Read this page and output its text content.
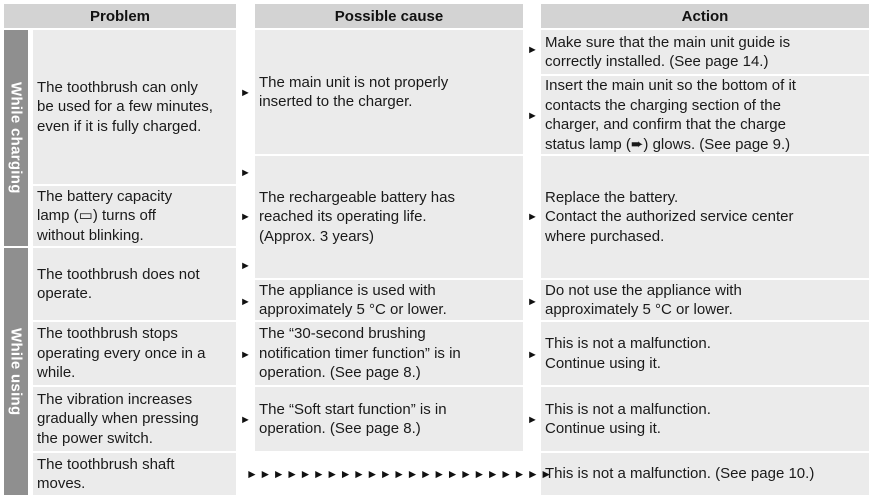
Problem	Possible cause	Action
While charging
While using
The toothbrush can only
be used for a few minutes,
even if it is fully charged.
The battery capacity
lamp (▭) turns off
without blinking.
The toothbrush does not
operate.
The toothbrush stops
operating every once in a
while.
The vibration increases
gradually when pressing
the power switch.
The toothbrush shaft
moves.
The main unit is not properly
inserted to the charger.
The rechargeable battery has
reached its operating life.
(Approx. 3 years)
The appliance is used with
approximately 5 °C or lower.
The “30-second brushing
notification timer function” is in
operation. (See page 8.)
The “Soft start function” is in
operation. (See page 8.)
Make sure that the main unit guide is
correctly installed. (See page 14.)
Insert the main unit so the bottom of it
contacts the charging section of the
charger, and confirm that the charge
status lamp (➨) glows. (See page 9.)
Replace the battery.
Contact the authorized service center
where purchased.
Do not use the appliance with
approximately 5 °C or lower.
This is not a malfunction.
Continue using it.
This is not a malfunction.
Continue using it.
This is not a malfunction. (See page 10.)
►
►
►
►
►
►
►
►
►
►
►
►
►
►►►►►►►►►►►►►►►►►►►►►►►
